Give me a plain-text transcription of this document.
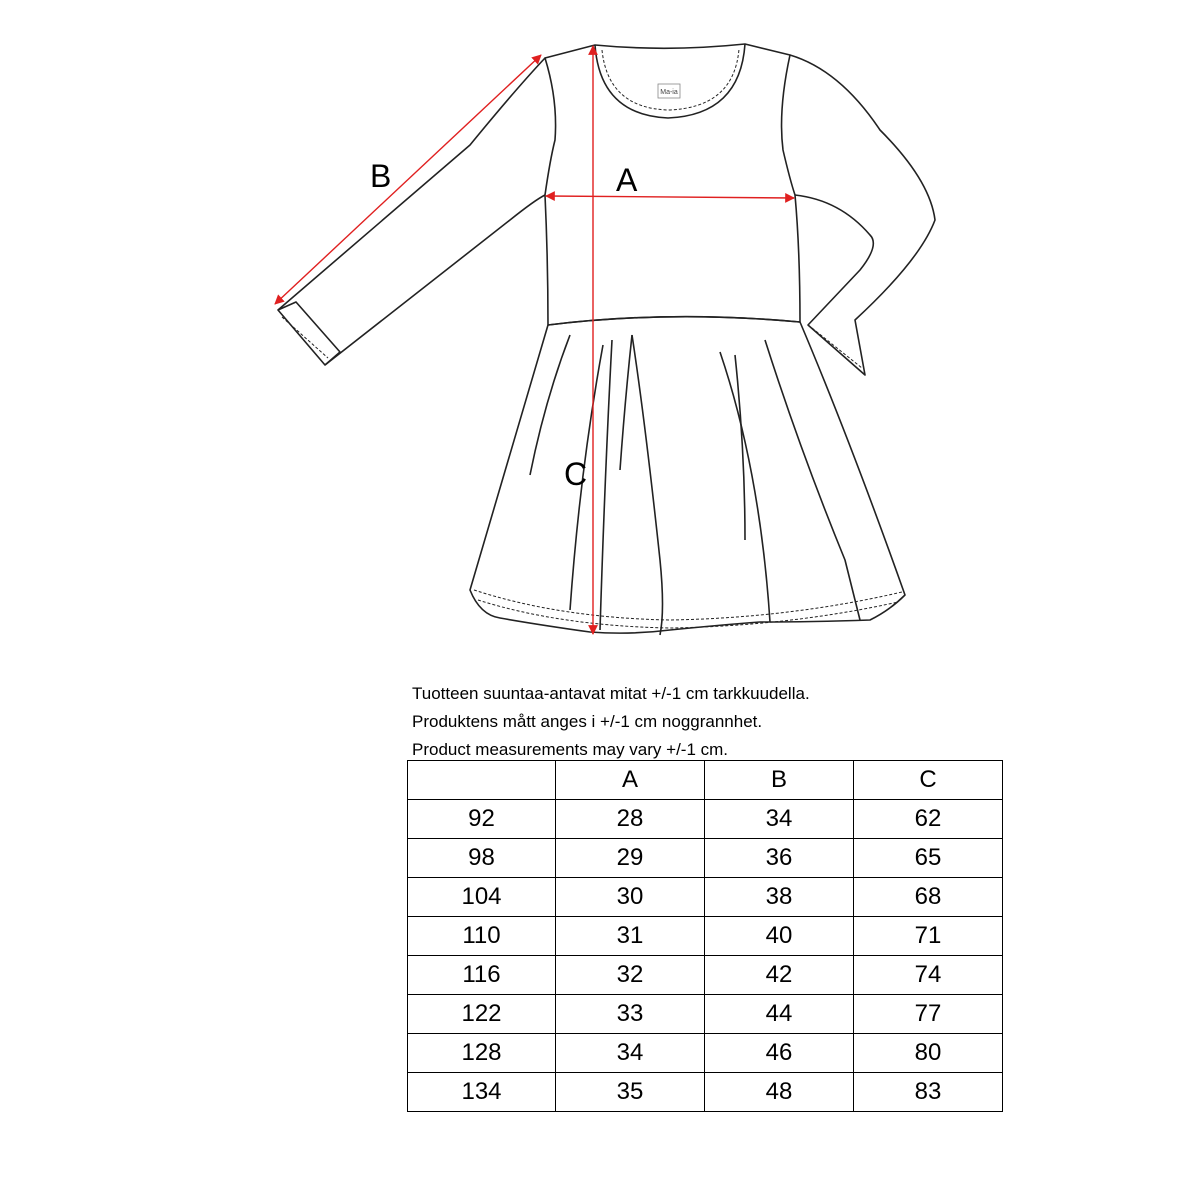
Ma-ia
A
B
C
Tuotteen suuntaa-antavat mitat +/-1 cm tarkkuudella.
Produktens mått anges i +/-1 cm noggrannhet.
Product measurements may vary +/-1 cm.
	A	B	C
92	28	34	62
98	29	36	65
104	30	38	68
110	31	40	71
116	32	42	74
122	33	44	77
128	34	46	80
134	35	48	83
